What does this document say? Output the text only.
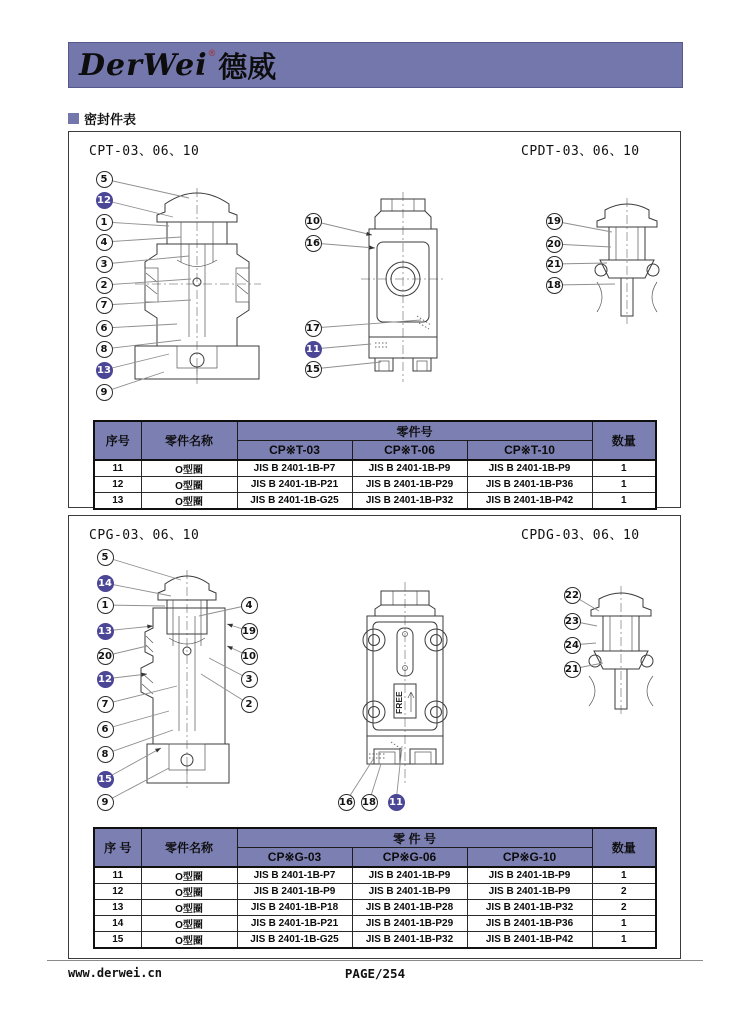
DerWei ® 德威
密封件表
5
12
1
4
3
2
7
6
8
13
9
10
16
17
11
15
19
20
21
18
CPT-03、06、10	CPDT-03、06、10
序号	零件名称	零件号			数量
		CP※T-03	CP※T-06	CP※T-10	
11	O型圈	JIS B 2401-1B-P7	JIS B 2401-1B-P9	JIS B 2401-1B-P9	1
12	O型圈	JIS B 2401-1B-P21	JIS B 2401-1B-P29	JIS B 2401-1B-P36	1
13	O型圈	JIS B 2401-1B-G25	JIS B 2401-1B-P32	JIS B 2401-1B-P42	1
FREE
5
14
1
13
20
12
7
6
8
15
9
4
19
10
3
2
16 18 11
22
23
24
21
CPG-03、06、10	CPDG-03、06、10
序 号	零件名称	零 件 号			数量
		CP※G-03	CP※G-06	CP※G-10	
11	O型圈	JIS B 2401-1B-P7	JIS B 2401-1B-P9	JIS B 2401-1B-P9	1
12	O型圈	JIS B 2401-1B-P9	JIS B 2401-1B-P9	JIS B 2401-1B-P9	2
13	O型圈	JIS B 2401-1B-P18	JIS B 2401-1B-P28	JIS B 2401-1B-P32	2
14	O型圈	JIS B 2401-1B-P21	JIS B 2401-1B-P29	JIS B 2401-1B-P36	1
15	O型圈	JIS B 2401-1B-G25	JIS B 2401-1B-P32	JIS B 2401-1B-P42	1
www.derwei.cn	PAGE/254
